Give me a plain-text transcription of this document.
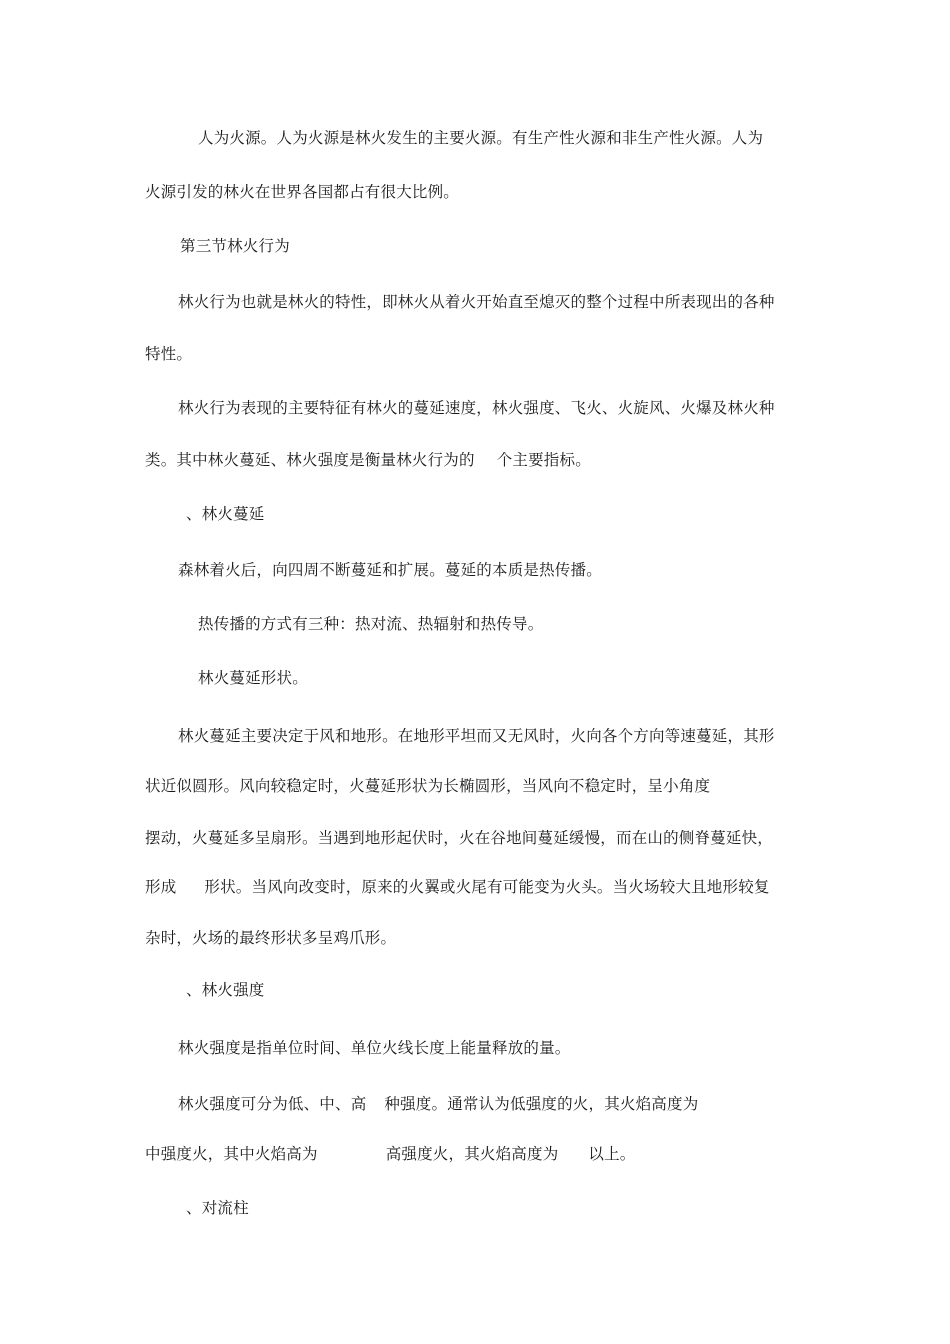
人为火源。人为火源是林火发生的主要火源。有生产性火源和非生产性火源。人为
火源引发的林火在世界各国都占有很大比例。
第三节林火行为
林火行为也就是林火的特性，即林火从着火开始直至熄灭的整个过程中所表现出的各种
特性。
林火行为表现的主要特征有林火的蔓延速度，林火强度、飞火、火旋风、火爆及林火种
类。其中林火蔓延、林火强度是衡量林火行为的 个主要指标。
、林火蔓延
森林着火后，向四周不断蔓延和扩展。蔓延的本质是热传播。
热传播的方式有三种：热对流、热辐射和热传导。
林火蔓延形状。
林火蔓延主要决定于风和地形。在地形平坦而又无风时，火向各个方向等速蔓延，其形
状近似圆形。风向较稳定时，火蔓延形状为长椭圆形，当风向不稳定时，呈小角度
摆动，火蔓延多呈扇形。当遇到地形起伏时，火在谷地间蔓延缓慢，而在山的侧脊蔓延快，
形成 形状。当风向改变时，原来的火翼或火尾有可能变为火头。当火场较大且地形较复
杂时，火场的最终形状多呈鸡爪形。
、林火强度
林火强度是指单位时间、单位火线长度上能量释放的量。
林火强度可分为低、中、高 种强度。通常认为低强度的火，其火焰高度为
中强度火，其中火焰高为	高强度火，其火焰高度为 以上。
、对流柱
